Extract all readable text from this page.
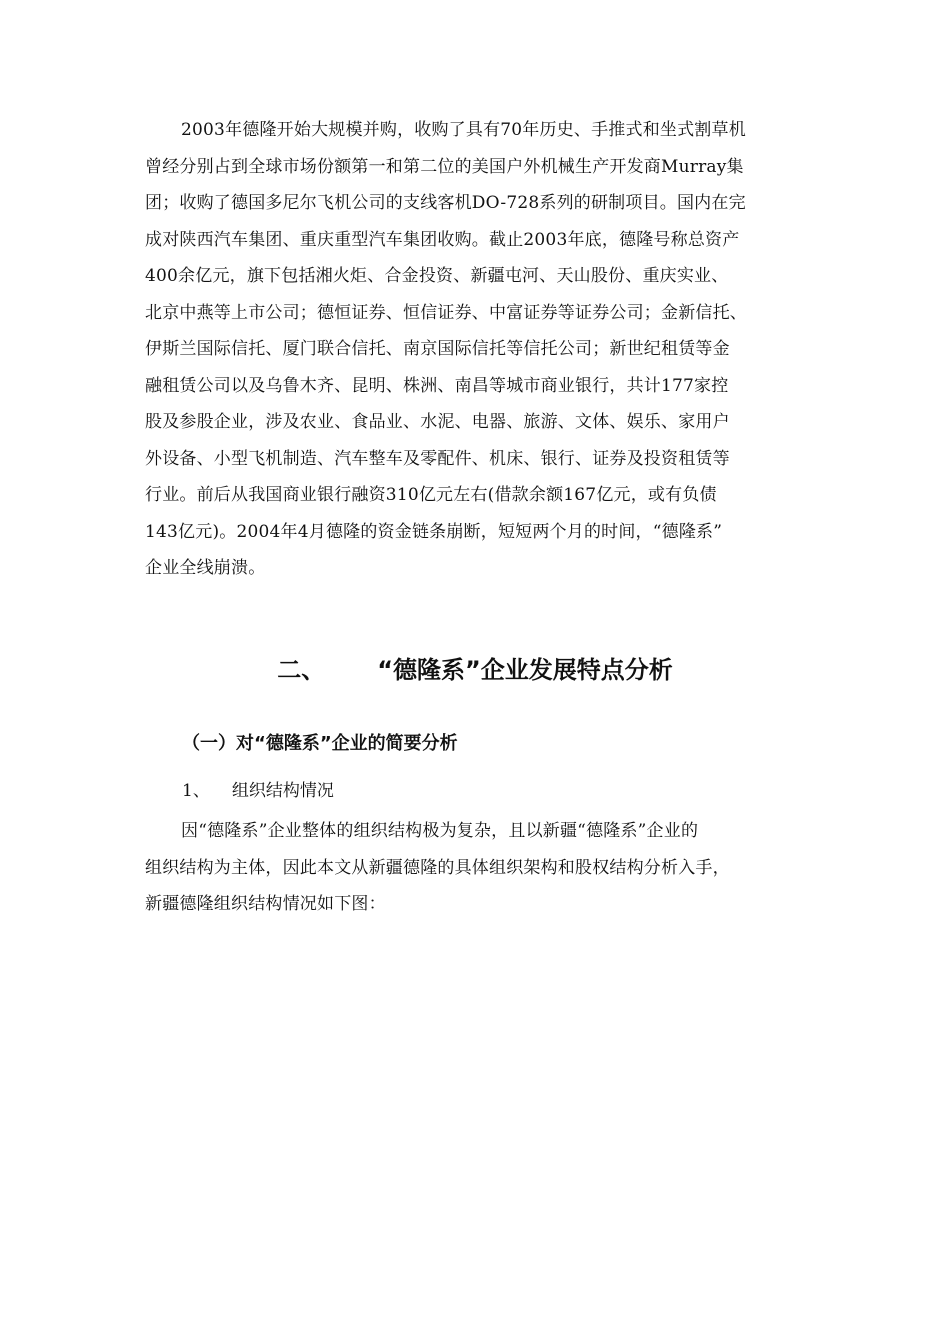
2003年德隆开始大规模并购，收购了具有70年历史、手推式和坐式割草机
曾经分别占到全球市场份额第一和第二位的美国户外机械生产开发商Murray集
团；收购了德国多尼尔飞机公司的支线客机DO-728系列的研制项目。国内在完
成对陕西汽车集团、重庆重型汽车集团收购。截止2003年底，德隆号称总资产
400余亿元，旗下包括湘火炬、合金投资、新疆屯河、天山股份、重庆实业、
北京中燕等上市公司；德恒证券、恒信证券、中富证券等证券公司；金新信托、
伊斯兰国际信托、厦门联合信托、南京国际信托等信托公司；新世纪租赁等金
融租赁公司以及乌鲁木齐、昆明、株洲、南昌等城市商业银行，共计177家控
股及参股企业，涉及农业、食品业、水泥、电器、旅游、文体、娱乐、家用户
外设备、小型飞机制造、汽车整车及零配件、机床、银行、证券及投资租赁等
行业。前后从我国商业银行融资310亿元左右(借款余额167亿元，或有负债
143亿元)。2004年4月德隆的资金链条崩断，短短两个月的时间，“德隆系”
企业全线崩溃。
二、 “德隆系”企业发展特点分析
（一）对“德隆系”企业的简要分析

1、 组织结构情况

因“德隆系”企业整体的组织结构极为复杂，且以新疆“德隆系”企业的
组织结构为主体，因此本文从新疆德隆的具体组织架构和股权结构分析入手，
新疆德隆组织结构情况如下图：
